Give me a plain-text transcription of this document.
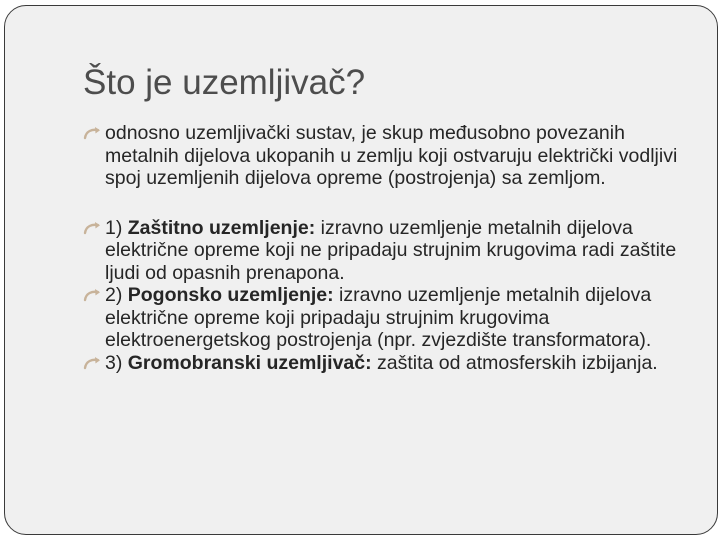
Što je uzemljivač?

odnosno uzemljivački sustav, je skup međusobno povezanih metalnih dijelova ukopanih u zemlju koji ostvaruju električki vodljivi spoj uzemljenih dijelova opreme (postrojenja) sa zemljom.

1) Zaštitno uzemljenje: izravno uzemljenje metalnih dijelova električne opreme koji ne pripadaju strujnim krugovima radi zaštite ljudi od opasnih prenapona.

2) Pogonsko uzemljenje: izravno uzemljenje metalnih dijelova električne opreme koji pripadaju strujnim krugovima elektroenergetskog postrojenja (npr. zvjezdište transformatora).

3) Gromobranski uzemljivač: zaštita od atmosferskih izbijanja.
